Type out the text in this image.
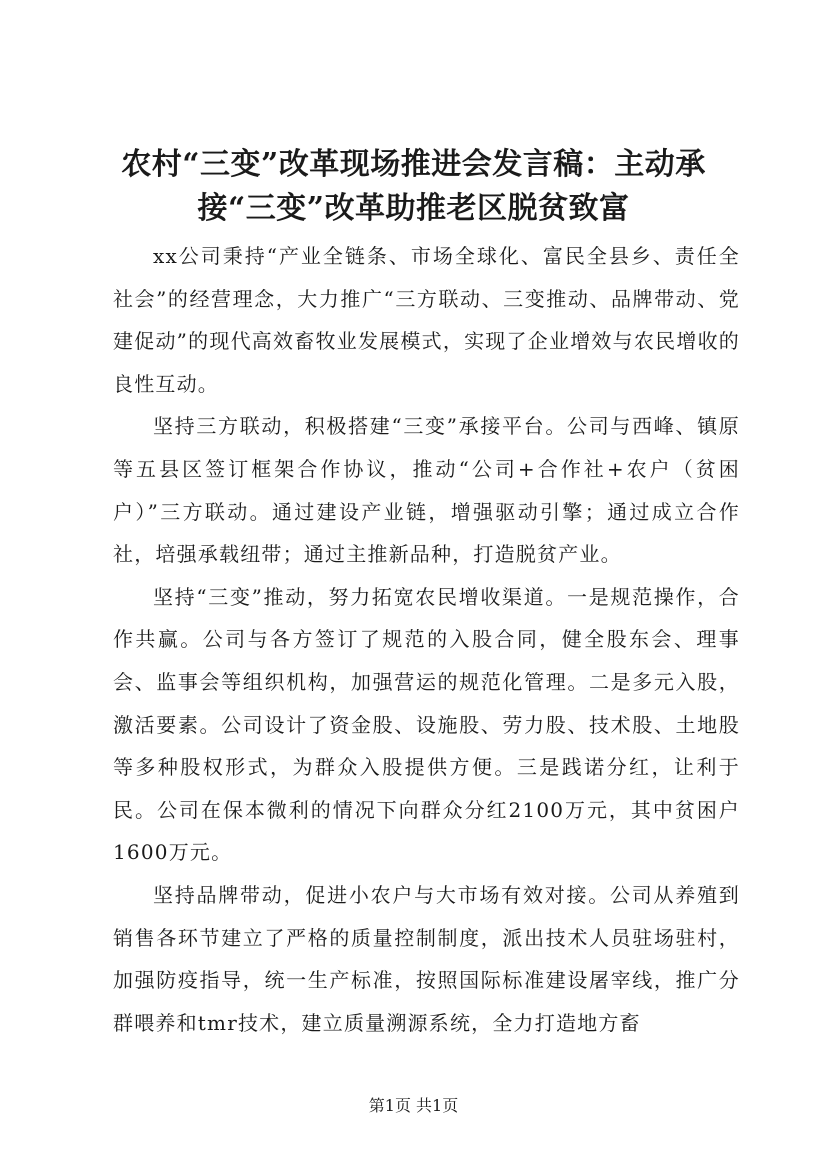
农村“三变”改革现场推进会发言稿：主动承接“三变”改革助推老区脱贫致富

xx公司秉持“产业全链条、市场全球化、富民全县乡、责任全社会”的经营理念，大力推广“三方联动、三变推动、品牌带动、党建促动”的现代高效畜牧业发展模式，实现了企业增效与农民增收的良性互动。

坚持三方联动，积极搭建“三变”承接平台。公司与西峰、镇原等五县区签订框架合作协议，推动“公司+合作社+农户（贫困户）”三方联动。通过建设产业链，增强驱动引擎；通过成立合作社，培强承载纽带；通过主推新品种，打造脱贫产业。

坚持“三变”推动，努力拓宽农民增收渠道。一是规范操作，合作共赢。公司与各方签订了规范的入股合同，健全股东会、理事会、监事会等组织机构，加强营运的规范化管理。二是多元入股，激活要素。公司设计了资金股、设施股、劳力股、技术股、土地股等多种股权形式，为群众入股提供方便。三是践诺分红，让利于民。公司在保本微利的情况下向群众分红2100万元，其中贫困户1600万元。

坚持品牌带动，促进小农户与大市场有效对接。公司从养殖到销售各环节建立了严格的质量控制制度，派出技术人员驻场驻村，加强防疫指导，统一生产标准，按照国际标准建设屠宰线，推广分群喂养和tmr技术，建立质量溯源系统，全力打造地方畜

第1页 共1页
